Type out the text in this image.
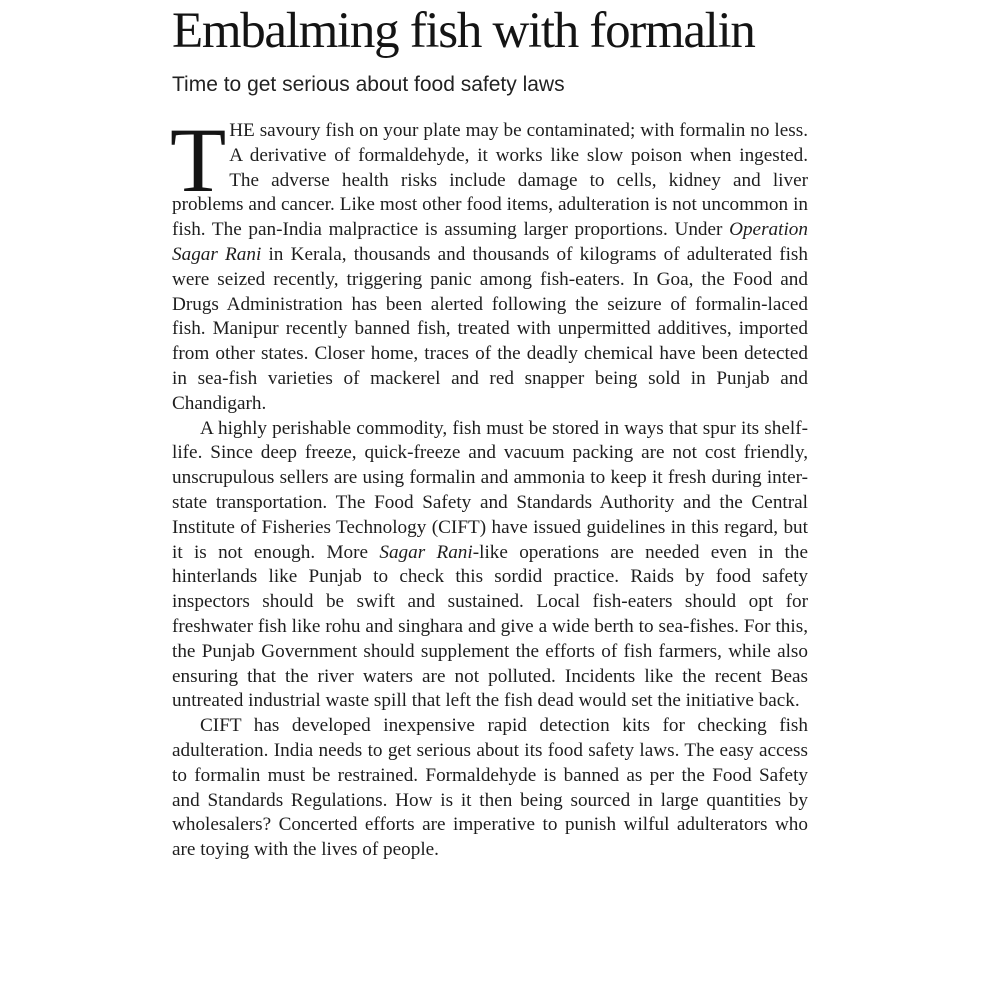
Embalming fish with formalin
Time to get serious about food safety laws

THE savoury fish on your plate may be contaminated; with formalin no less. A derivative of formaldehyde, it works like slow poison when ingested. The adverse health risks include damage to cells, kidney and liver problems and cancer. Like most other food items, adulteration is not uncommon in fish. The pan-India malpractice is assuming larger proportions. Under Operation Sagar Rani in Kerala, thousands and thousands of kilograms of adulterated fish were seized recently, triggering panic among fish-eaters. In Goa, the Food and Drugs Administration has been alerted following the seizure of formalin-laced fish. Manipur recently banned fish, treated with unpermitted additives, imported from other states. Closer home, traces of the deadly chemical have been detected in sea-fish varieties of mackerel and red snapper being sold in Punjab and Chandigarh.

A highly perishable commodity, fish must be stored in ways that spur its shelf-life. Since deep freeze, quick-freeze and vacuum packing are not cost friendly, unscrupulous sellers are using formalin and ammonia to keep it fresh during inter-state transportation. The Food Safety and Standards Authority and the Central Institute of Fisheries Technology (CIFT) have issued guidelines in this regard, but it is not enough. More Sagar Rani-like operations are needed even in the hinterlands like Punjab to check this sordid practice. Raids by food safety inspectors should be swift and sustained. Local fish-eaters should opt for freshwater fish like rohu and singhara and give a wide berth to sea-fishes. For this, the Punjab Government should supplement the efforts of fish farmers, while also ensuring that the river waters are not polluted. Incidents like the recent Beas untreated industrial waste spill that left the fish dead would set the initiative back.

CIFT has developed inexpensive rapid detection kits for checking fish adulteration. India needs to get serious about its food safety laws. The easy access to formalin must be restrained. Formaldehyde is banned as per the Food Safety and Standards Regulations. How is it then being sourced in large quantities by wholesalers? Concerted efforts are imperative to punish wilful adulterators who are toying with the lives of people.
